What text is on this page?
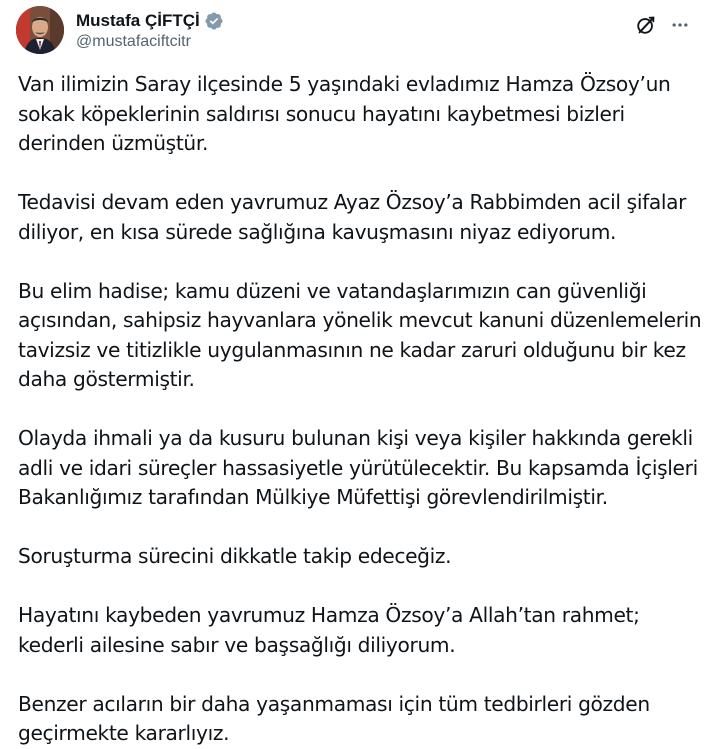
Mustafa ÇİFTÇİ
@mustafaciftcitr

Van ilimizin Saray ilçesinde 5 yaşındaki evladımız Hamza Özsoy’un sokak köpeklerinin saldırısı sonucu hayatını kaybetmesi bizleri derinden üzmüştür.

Tedavisi devam eden yavrumuz Ayaz Özsoy’a Rabbimden acil şifalar diliyor, en kısa sürede sağlığına kavuşmasını niyaz ediyorum.

Bu elim hadise; kamu düzeni ve vatandaşlarımızın can güvenliği açısından, sahipsiz hayvanlara yönelik mevcut kanuni düzenlemelerin tavizsiz ve titizlikle uygulanmasının ne kadar zaruri olduğunu bir kez daha göstermiştir.

Olayda ihmali ya da kusuru bulunan kişi veya kişiler hakkında gerekli adli ve idari süreçler hassasiyetle yürütülecektir. Bu kapsamda İçişleri Bakanlığımız tarafından Mülkiye Müfettişi görevlendirilmiştir.

Soruşturma sürecini dikkatle takip edeceğiz.

Hayatını kaybeden yavrumuz Hamza Özsoy’a Allah’tan rahmet; kederli ailesine sabır ve başsağlığı diliyorum.

Benzer acıların bir daha yaşanmaması için tüm tedbirleri gözden geçirmekte kararlıyız.
